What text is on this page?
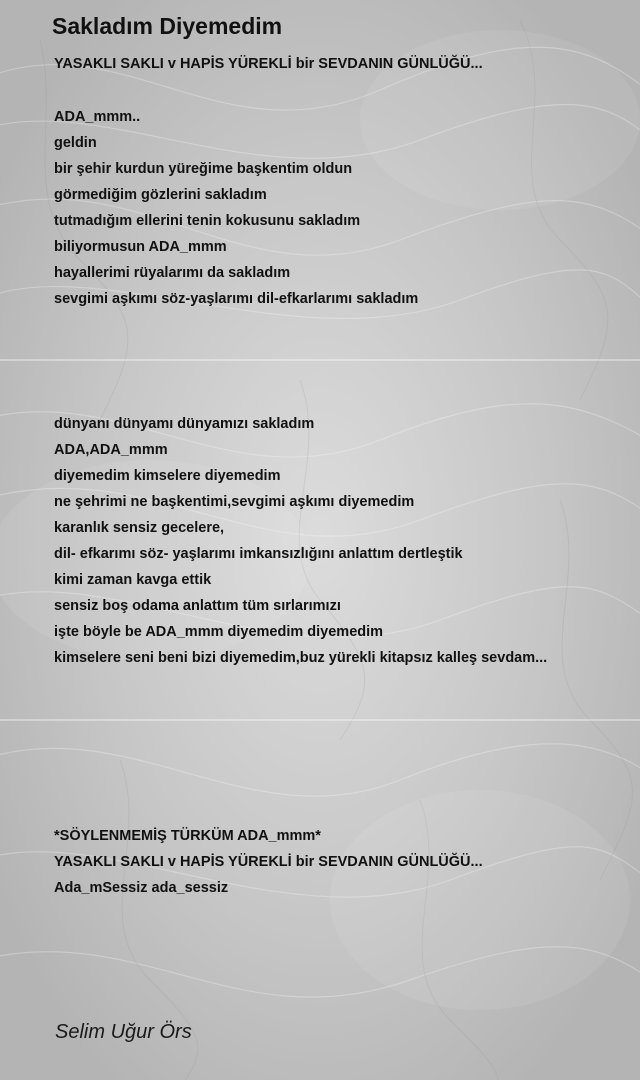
Sakladım Diyemedim
YASAKLI SAKLI v HAPİS YÜREKLİ bir SEVDANIN GÜNLÜĞÜ...
ADA_mmm..
geldin
bir şehir kurdun yüreğime başkentim oldun
görmediğim gözlerini sakladım
tutmadığım ellerini tenin kokusunu sakladım
biliyormusun ADA_mmm
hayallerimi rüyalarımı da sakladım
sevgimi aşkımı söz-yaşlarımı dil-efkarlarımı sakladım
dünyanı dünyamı dünyamızı sakladım
ADA,ADA_mmm
diyemedim kimselere diyemedim
ne şehrimi ne başkentimi,sevgimi aşkımı diyemedim
karanlık sensiz gecelere,
dil- efkarımı söz- yaşlarımı imkansızlığını anlattım dertleştik
kimi zaman kavga ettik
sensiz boş odama anlattım tüm sırlarımızı
işte böyle be ADA_mmm diyemedim diyemedim
kimselere seni beni bizi diyemedim,buz yürekli kitapsız kalleş sevdam...
*SÖYLENMEMİŞ TÜRKÜM ADA_mmm*
YASAKLI SAKLI v HAPİS YÜREKLİ bir SEVDANIN GÜNLÜĞÜ...
Ada_mSessiz ada_sessiz
Selim Uğur Örs
